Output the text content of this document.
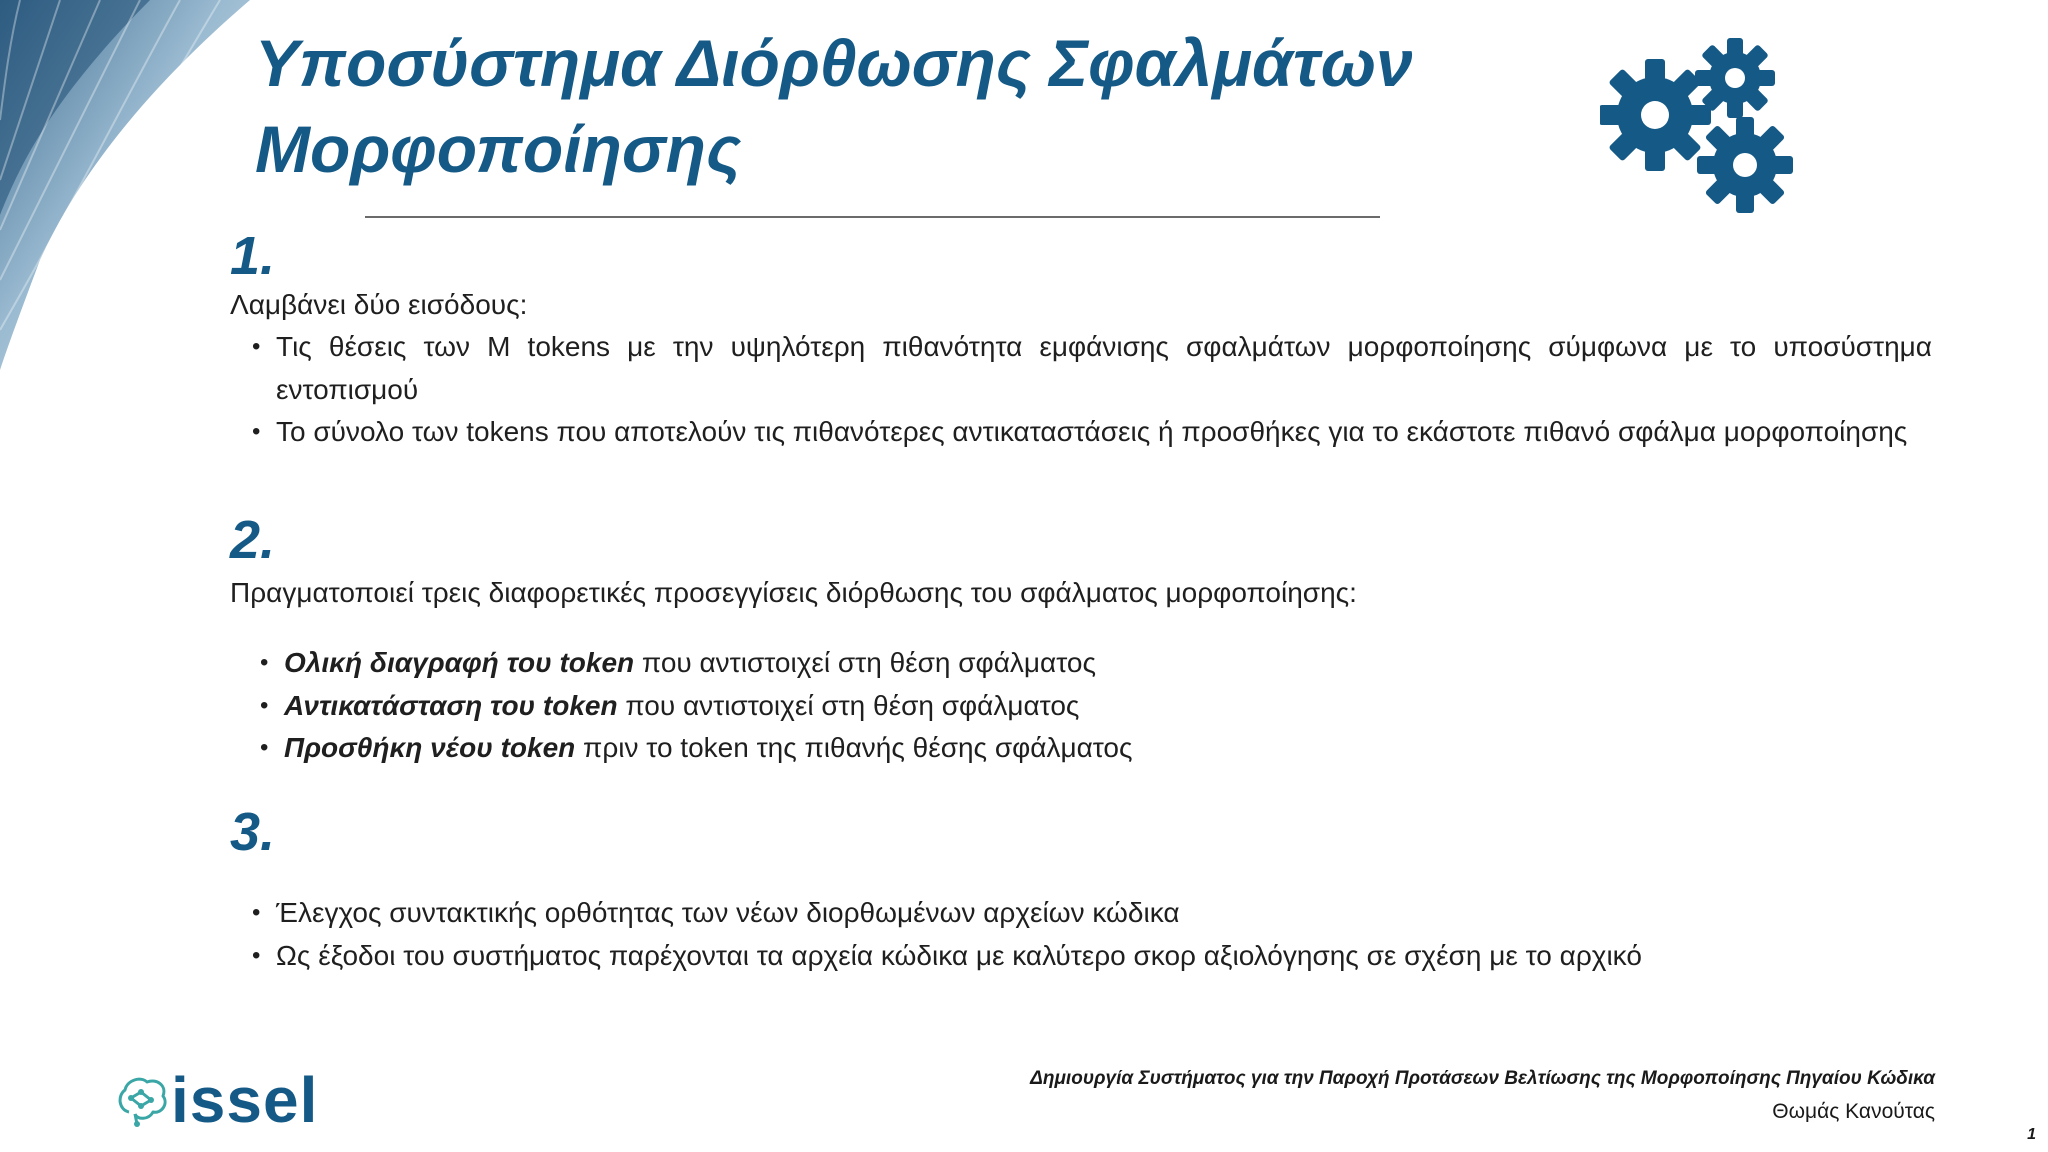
Υποσύστημα Διόρθωσης Σφαλμάτων
Μορφοποίησης
1.
Λαμβάνει δύο εισόδους:
• Τις θέσεις των M tokens με την υψηλότερη πιθανότητα εμφάνισης σφαλμάτων μορφοποίησης σύμφωνα με το υποσύστημα εντοπισμού
• Το σύνολο των tokens που αποτελούν τις πιθανότερες αντικαταστάσεις ή προσθήκες για το εκάστοτε πιθανό σφάλμα μορφοποίησης
2.
Πραγματοποιεί τρεις διαφορετικές προσεγγίσεις διόρθωσης του σφάλματος μορφοποίησης:
• Ολική διαγραφή του token που αντιστοιχεί στη θέση σφάλματος
• Αντικατάσταση του token που αντιστοιχεί στη θέση σφάλματος
• Προσθήκη νέου token πριν το token της πιθανής θέσης σφάλματος
3.
• Έλεγχος συντακτικής ορθότητας των νέων διορθωμένων αρχείων κώδικα
• Ως έξοδοι του συστήματος παρέχονται τα αρχεία κώδικα με καλύτερο σκορ αξιολόγησης σε σχέση με το αρχικό
issel	Δημιουργία Συστήματος για την Παροχή Προτάσεων Βελτίωσης της Μορφοποίησης Πηγαίου Κώδικα
Θωμάς Κανούτας
1
